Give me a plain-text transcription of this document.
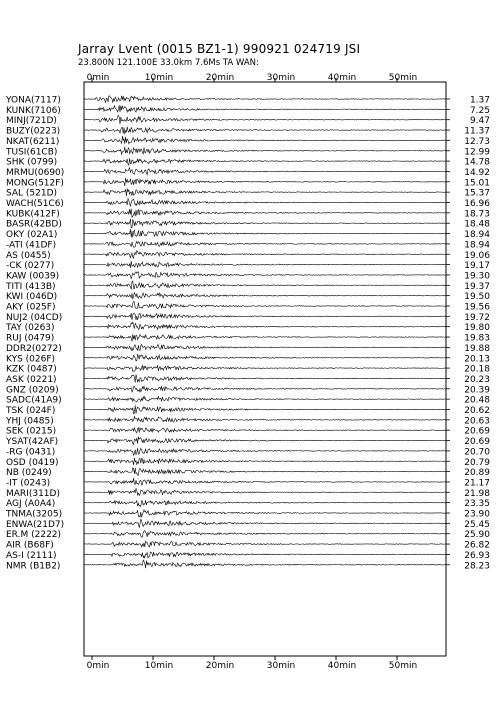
Jarray Lvent (0015 BZ1-1) 990921 024719 JSI
23.800N 121.100E 33.0km 7.6Ms TA WAN:
0min
0min
10min
10min
20min
20min
30min
30min
40min
40min
50min
50min
YONA(7117)	1.37
KUNK(7106)	7.25
MINJ(721D)	9.47
BUZY(0223)	11.37
NKAT(6211)	12.73
TUSI(61CB)	12.99
SHK (0799)	14.78
MRMU(0690)	14.92
MONG(512F)	15.01
SAL (521D)	15.37
WACH(51C6)	16.96
KUBK(412F)	18.73
BASR(42BD)	18.48
OKY (02A1)	18.94
-ATI (41DF)	18.94
AS (0455)	19.06
-CK (0277)	19.17
KAW (0039)	19.30
TITI (413B)	19.37
KWI (046D)	19.50
AKY (025F)	19.56
NUJ2 (04CD)	19.72
TAY (0263)	19.80
RUJ (0479)	19.83
DDR2(0272)	19.88
KYS (026F)	20.13
KZK (0487)	20.18
ASK (0221)	20.23
GNZ (0209)	20.39
SADC(41A9)	20.48
TSK (024F)	20.62
YHJ (0485)	20.63
SEK (0215)	20.69
YSAT(42AF)	20.69
-RG (0431)	20.70
OSD (0419)	20.79
NB (0249)	20.89
-IT (0243)	21.17
MARI(311D)	21.98
AGJ (A0A4)	23.35
TNMA(3205)	23.90
ENWA(21D7)	25.45
ER.M (2222)	25.90
AIR (B68F)	26.82
AS-I (2111)	26.93
NMR (B1B2)	28.23
